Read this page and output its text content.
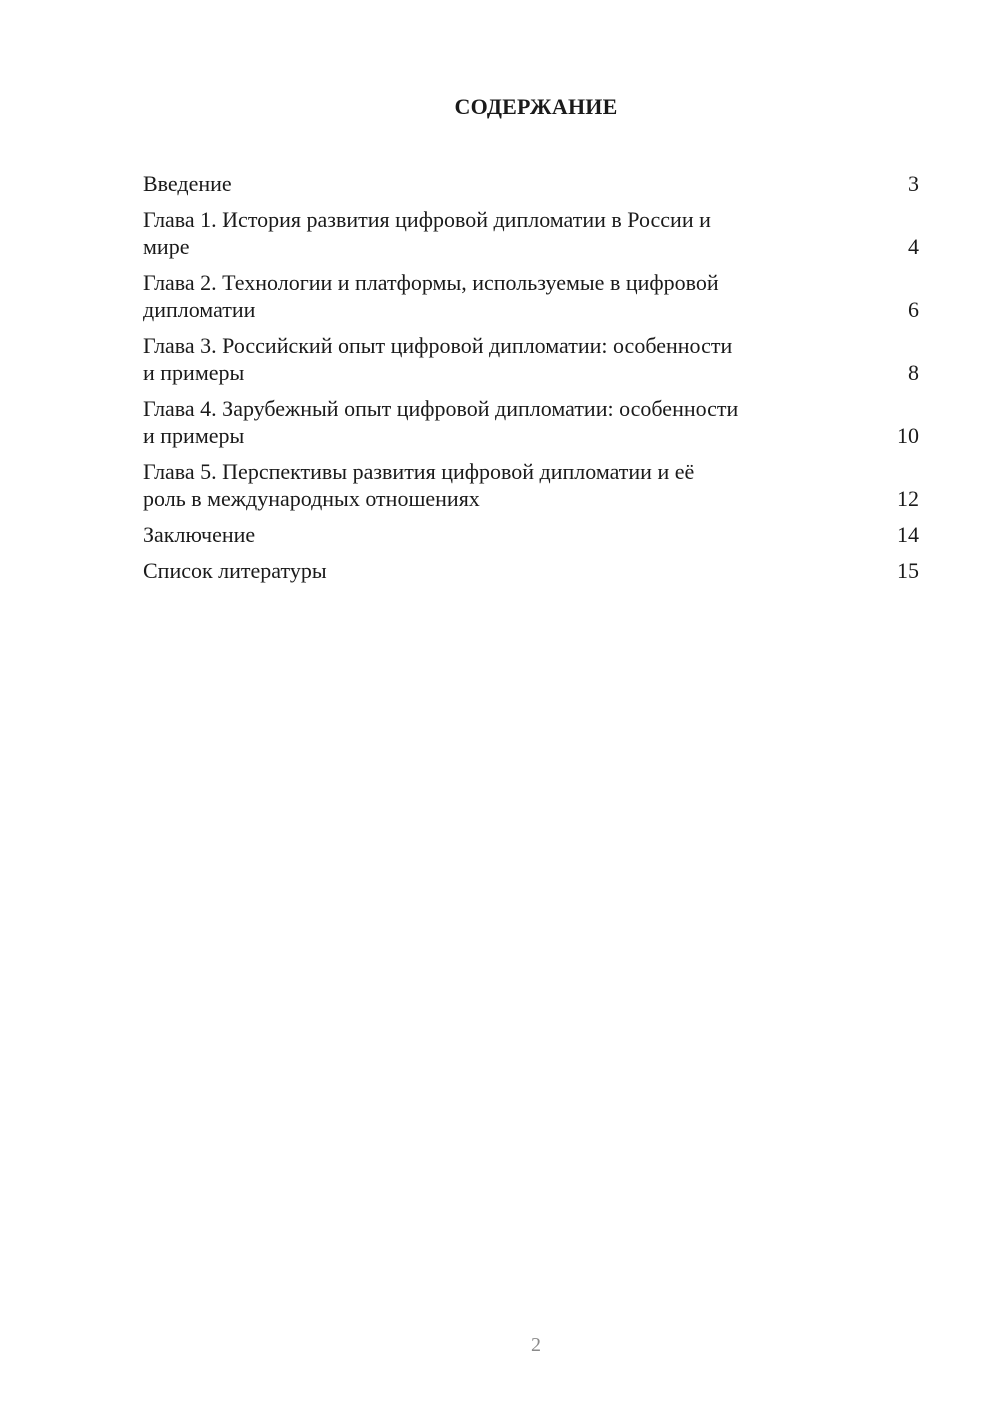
СОДЕРЖАНИЕ
Введение	3
Глава 1. История развития цифровой дипломатии в России и
мире	4
Глава 2. Технологии и платформы, используемые в цифровой
дипломатии	6
Глава 3. Российский опыт цифровой дипломатии: особенности
и примеры	8
Глава 4. Зарубежный опыт цифровой дипломатии: особенности
и примеры	10
Глава 5. Перспективы развития цифровой дипломатии и её
роль в международных отношениях	12
Заключение	14
Список литературы	15
2
